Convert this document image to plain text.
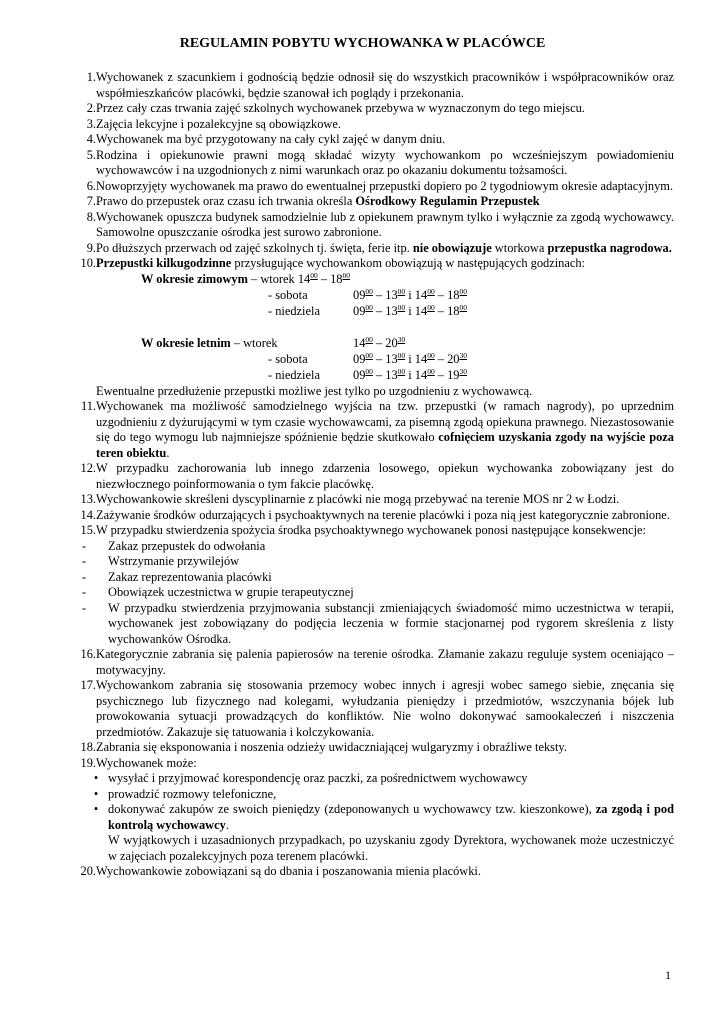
REGULAMIN POBYTU WYCHOWANKA W PLACÓWCE
1. Wychowanek z szacunkiem i godnością będzie odnosił się do wszystkich pracowników i współpracowników oraz współmieszkańców placówki, będzie szanował ich poglądy i przekonania.
2. Przez cały czas trwania zajęć szkolnych wychowanek przebywa w wyznaczonym do tego miejscu.
3. Zajęcia lekcyjne i pozalekcyjne są obowiązkowe.
4. Wychowanek ma być przygotowany na cały cykl zajęć w danym dniu.
5. Rodzina i opiekunowie prawni mogą składać wizyty wychowankom po wcześniejszym powiadomieniu wychowawców i na uzgodnionych z nimi warunkach oraz po okazaniu dokumentu tożsamości.
6. Nowoprzyjęty wychowanek ma prawo do ewentualnej przepustki dopiero po 2 tygodniowym okresie adaptacyjnym.
7. Prawo do przepustek oraz czasu ich trwania określa Ośrodkowy Regulamin Przepustek
8. Wychowanek opuszcza budynek samodzielnie lub z opiekunem prawnym tylko i wyłącznie za zgodą wychowawcy. Samowolne opuszczanie ośrodka jest surowo zabronione.
9. Po dłuższych przerwach od zajęć szkolnych tj. święta, ferie itp. nie obowiązuje wtorkowa przepustka nagrodowa.
10. Przepustki kilkugodzinne przysługujące wychowankom obowiązują w następujących godzinach:
W okresie zimowym – wtorek $14^{00} - 18^{00}$
- sobota	$09^{00} - 13^{00}$ i $14^{00} - 18^{00}$
- niedziela	$09^{00} - 13^{00}$ i $14^{00} - 18^{00}$
W okresie letnim – wtorek	$14^{00} - 20^{30}$
- sobota	$09^{00} - 13^{00}$ i $14^{00} - 20^{30}$
- niedziela	$09^{00} - 13^{00}$ i $14^{00} - 19^{30}$
Ewentualne przedłużenie przepustki możliwe jest tylko po uzgodnieniu z wychowawcą.
11. Wychowanek ma możliwość samodzielnego wyjścia na tzw. przepustki (w ramach nagrody), po uprzednim uzgodnieniu z dyżurującymi w tym czasie wychowawcami, za pisemną zgodą opiekuna prawnego. Niezastosowanie się do tego wymogu lub najmniejsze spóźnienie będzie skutkowało cofnięciem uzyskania zgody na wyjście poza teren obiektu.
12. W przypadku zachorowania lub innego zdarzenia losowego, opiekun wychowanka zobowiązany jest do niezwłocznego poinformowania o tym fakcie placówkę.
13. Wychowankowie skreśleni dyscyplinarnie z placówki nie mogą przebywać na terenie MOS nr 2 w Łodzi.
14. Zażywanie środków odurzających i psychoaktywnych na terenie placówki i poza nią jest kategorycznie zabronione.
15. W przypadku stwierdzenia spożycia środka psychoaktywnego wychowanek ponosi następujące konsekwencje:
-	Zakaz przepustek do odwołania
-	Wstrzymanie przywilejów
-	Zakaz reprezentowania placówki
-	Obowiązek uczestnictwa w grupie terapeutycznej
-	W przypadku stwierdzenia przyjmowania substancji zmieniających świadomość mimo uczestnictwa w terapii, wychowanek jest zobowiązany do podjęcia leczenia w formie stacjonarnej pod rygorem skreślenia z listy wychowanków Ośrodka.
16. Kategorycznie zabrania się palenia papierosów na terenie ośrodka. Złamanie zakazu reguluje system oceniająco – motywacyjny.
17. Wychowankom zabrania się stosowania przemocy wobec innych i agresji wobec samego siebie, znęcania się psychicznego lub fizycznego nad kolegami, wyłudzania pieniędzy i przedmiotów, wszczynania bójek lub prowokowania sytuacji prowadzących do konfliktów. Nie wolno dokonywać samookaleczeń i niszczenia przedmiotów. Zakazuje się tatuowania i kolczykowania.
18. Zabrania się eksponowania i noszenia odzieży uwidaczniającej wulgaryzmy i obraźliwe teksty.
19. Wychowanek może:
• wysyłać i przyjmować korespondencję oraz paczki, za pośrednictwem wychowawcy
• prowadzić rozmowy telefoniczne,
• dokonywać zakupów ze swoich pieniędzy (zdeponowanych u wychowawcy tzw. kieszonkowe), za zgodą i pod kontrolą wychowawcy.
W wyjątkowych i uzasadnionych przypadkach, po uzyskaniu zgody Dyrektora, wychowanek może uczestniczyć w zajęciach pozalekcyjnych poza terenem placówki.
20. Wychowankowie zobowiązani są do dbania i poszanowania mienia placówki.
1
